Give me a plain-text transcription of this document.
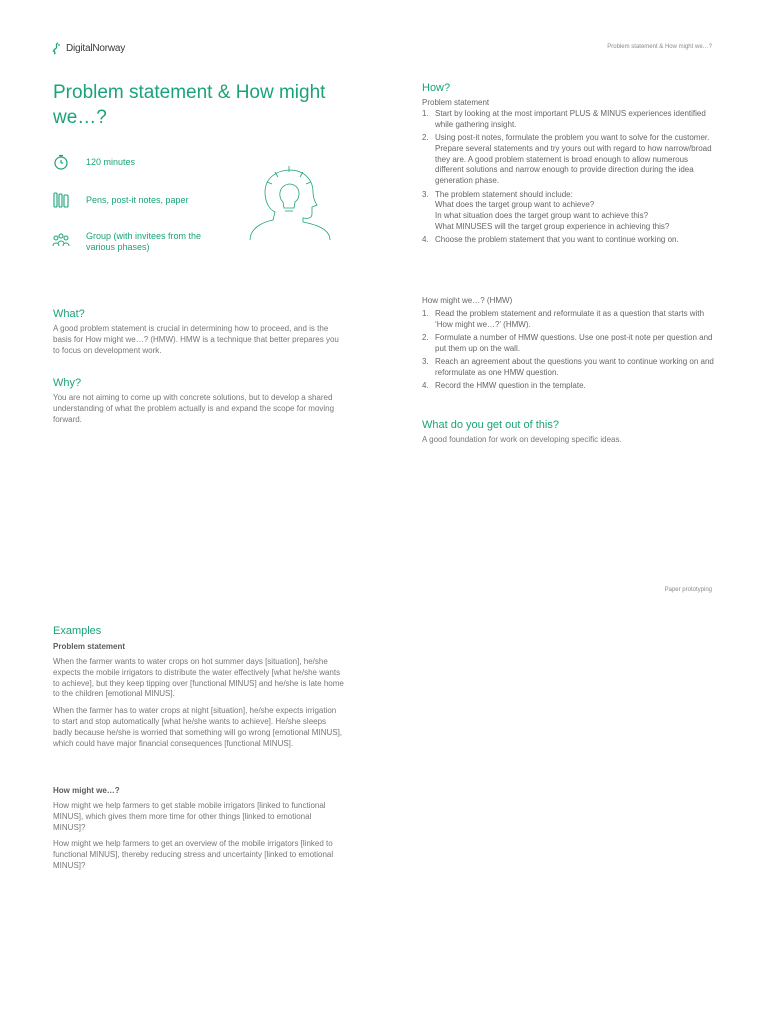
DigitalNorway	Problem statement & How might we…?
Problem statement & How might we…?
120 minutes
Pens, post-it notes, paper
Group (with invitees from the various phases)
What?

A good problem statement is crucial in determining how to proceed, and is the basis for How might we…? (HMW). HMW is a technique that better prepares you to focus on development work.

Why?

You are not aiming to come up with concrete solutions, but to develop a shared understanding of what the problem actually is and expand the scope for moving forward.

How?

Problem statement

1. Start by looking at the most important PLUS & MINUS experiences identified while gathering insight.
2. Using post-it notes, formulate the problem you want to solve for the customer. Prepare several statements and try yours out with regard to how narrow/broad they are. A good problem statement is broad enough to allow numerous different solutions and narrow enough to provide direction during the idea generation phase.
3. The problem statement should include:
What does the target group want to achieve?
In what situation does the target group want to achieve this?
What MINUSES will the target group experience in achieving this?
4. Choose the problem statement that you want to continue working on.

How might we…? (HMW)

1. Read the problem statement and reformulate it as a question that starts with ‘How might we…?’ (HMW).
2. Formulate a number of HMW questions. Use one post-it note per question and put them up on the wall.
3. Reach an agreement about the questions you want to continue working on and reformulate as one HMW question.
4. Record the HMW question in the template.
What do you get out of this?

A good foundation for work on developing specific ideas.

Paper prototyping
Examples
Problem statement
When the farmer wants to water crops on hot summer days [situation], he/she expects the mobile irrigators to distribute the water effectively [what he/she wants to achieve], but they keep tipping over [functional MINUS] and he/she is late home to the children [emotional MINUS].
When the farmer has to water crops at night [situation], he/she expects irrigation to start and stop automatically [what he/she wants to achieve]. He/she sleeps badly because he/she is worried that something will go wrong [emotional MINUS], which could have major financial consequences [functional MINUS].
How might we…?
How might we help farmers to get stable mobile irrigators [linked to functional MINUS], which gives them more time for other things [linked to emotional MINUS]?
How might we help farmers to get an overview of the mobile irrigators [linked to functional MINUS], thereby reducing stress and uncertainty [linked to emotional MINUS]?
